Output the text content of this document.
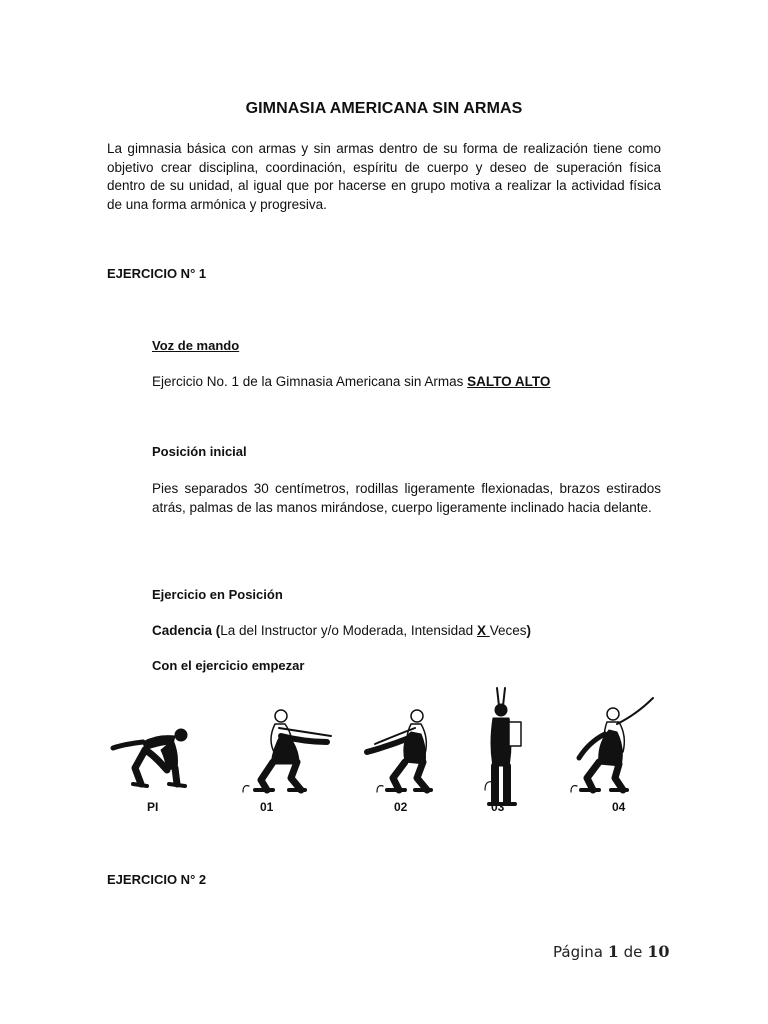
GIMNASIA AMERICANA SIN ARMAS
La gimnasia básica con armas y sin armas dentro de su forma de realización tiene como objetivo crear disciplina, coordinación, espíritu de cuerpo y deseo de superación física dentro de su unidad, al igual que por hacerse en grupo motiva a realizar la actividad física de una forma armónica y progresiva.
EJERCICIO N° 1
Voz de mando
Ejercicio No. 1 de la Gimnasia Americana sin Armas SALTO ALTO
Posición inicial
Pies separados 30 centímetros, rodillas ligeramente flexionadas, brazos estirados atrás, palmas de las manos mirándose, cuerpo ligeramente inclinado hacia delante.
Ejercicio en Posición
Cadencia (La del Instructor y/o Moderada, Intensidad X Veces)
Con el ejercicio empezar
PI	01	02	03	04
EJERCICIO N° 2
Página 1 de 10
